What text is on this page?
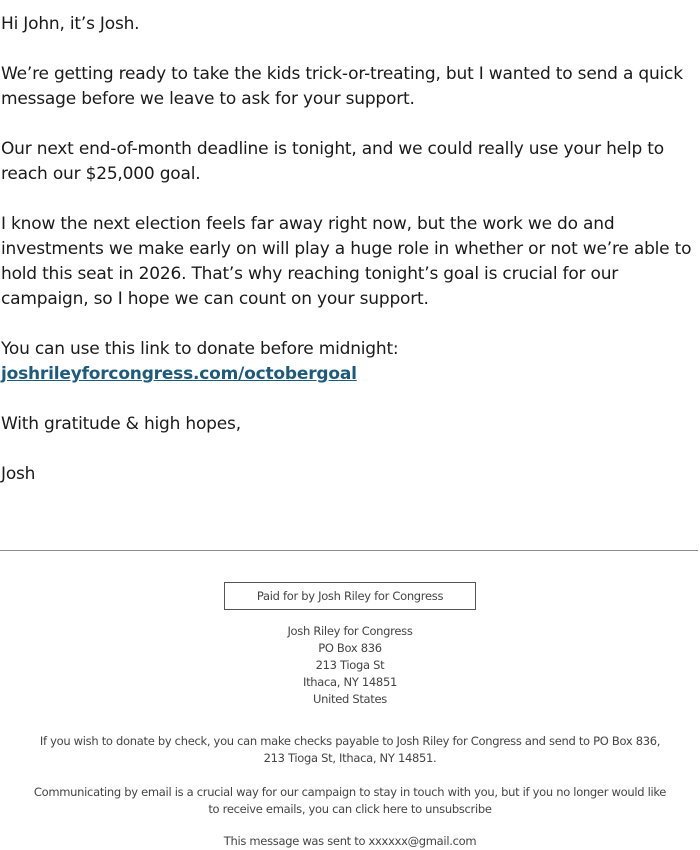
Hi John, it’s Josh.

We’re getting ready to take the kids trick-or-treating, but I wanted to send a quick message before we leave to ask for your support.

Our next end-of-month deadline is tonight, and we could really use your help to reach our $25,000 goal.

I know the next election feels far away right now, but the work we do and investments we make early on will play a huge role in whether or not we’re able to hold this seat in 2026. That’s why reaching tonight’s goal is crucial for our campaign, so I hope we can count on your support.

You can use this link to donate before midnight:
joshrileyforcongress.com/octobergoal

With gratitude & high hopes,

Josh

Paid for by Josh Riley for Congress

Josh Riley for Congress

PO Box 836

213 Tioga St

Ithaca, NY 14851

United States

If you wish to donate by check, you can make checks payable to Josh Riley for Congress and send to PO Box 836, 213 Tioga St, Ithaca, NY 14851.

Communicating by email is a crucial way for our campaign to stay in touch with you, but if you no longer would like to receive emails, you can click here to unsubscribe

This message was sent to xxxxxx@gmail.com
